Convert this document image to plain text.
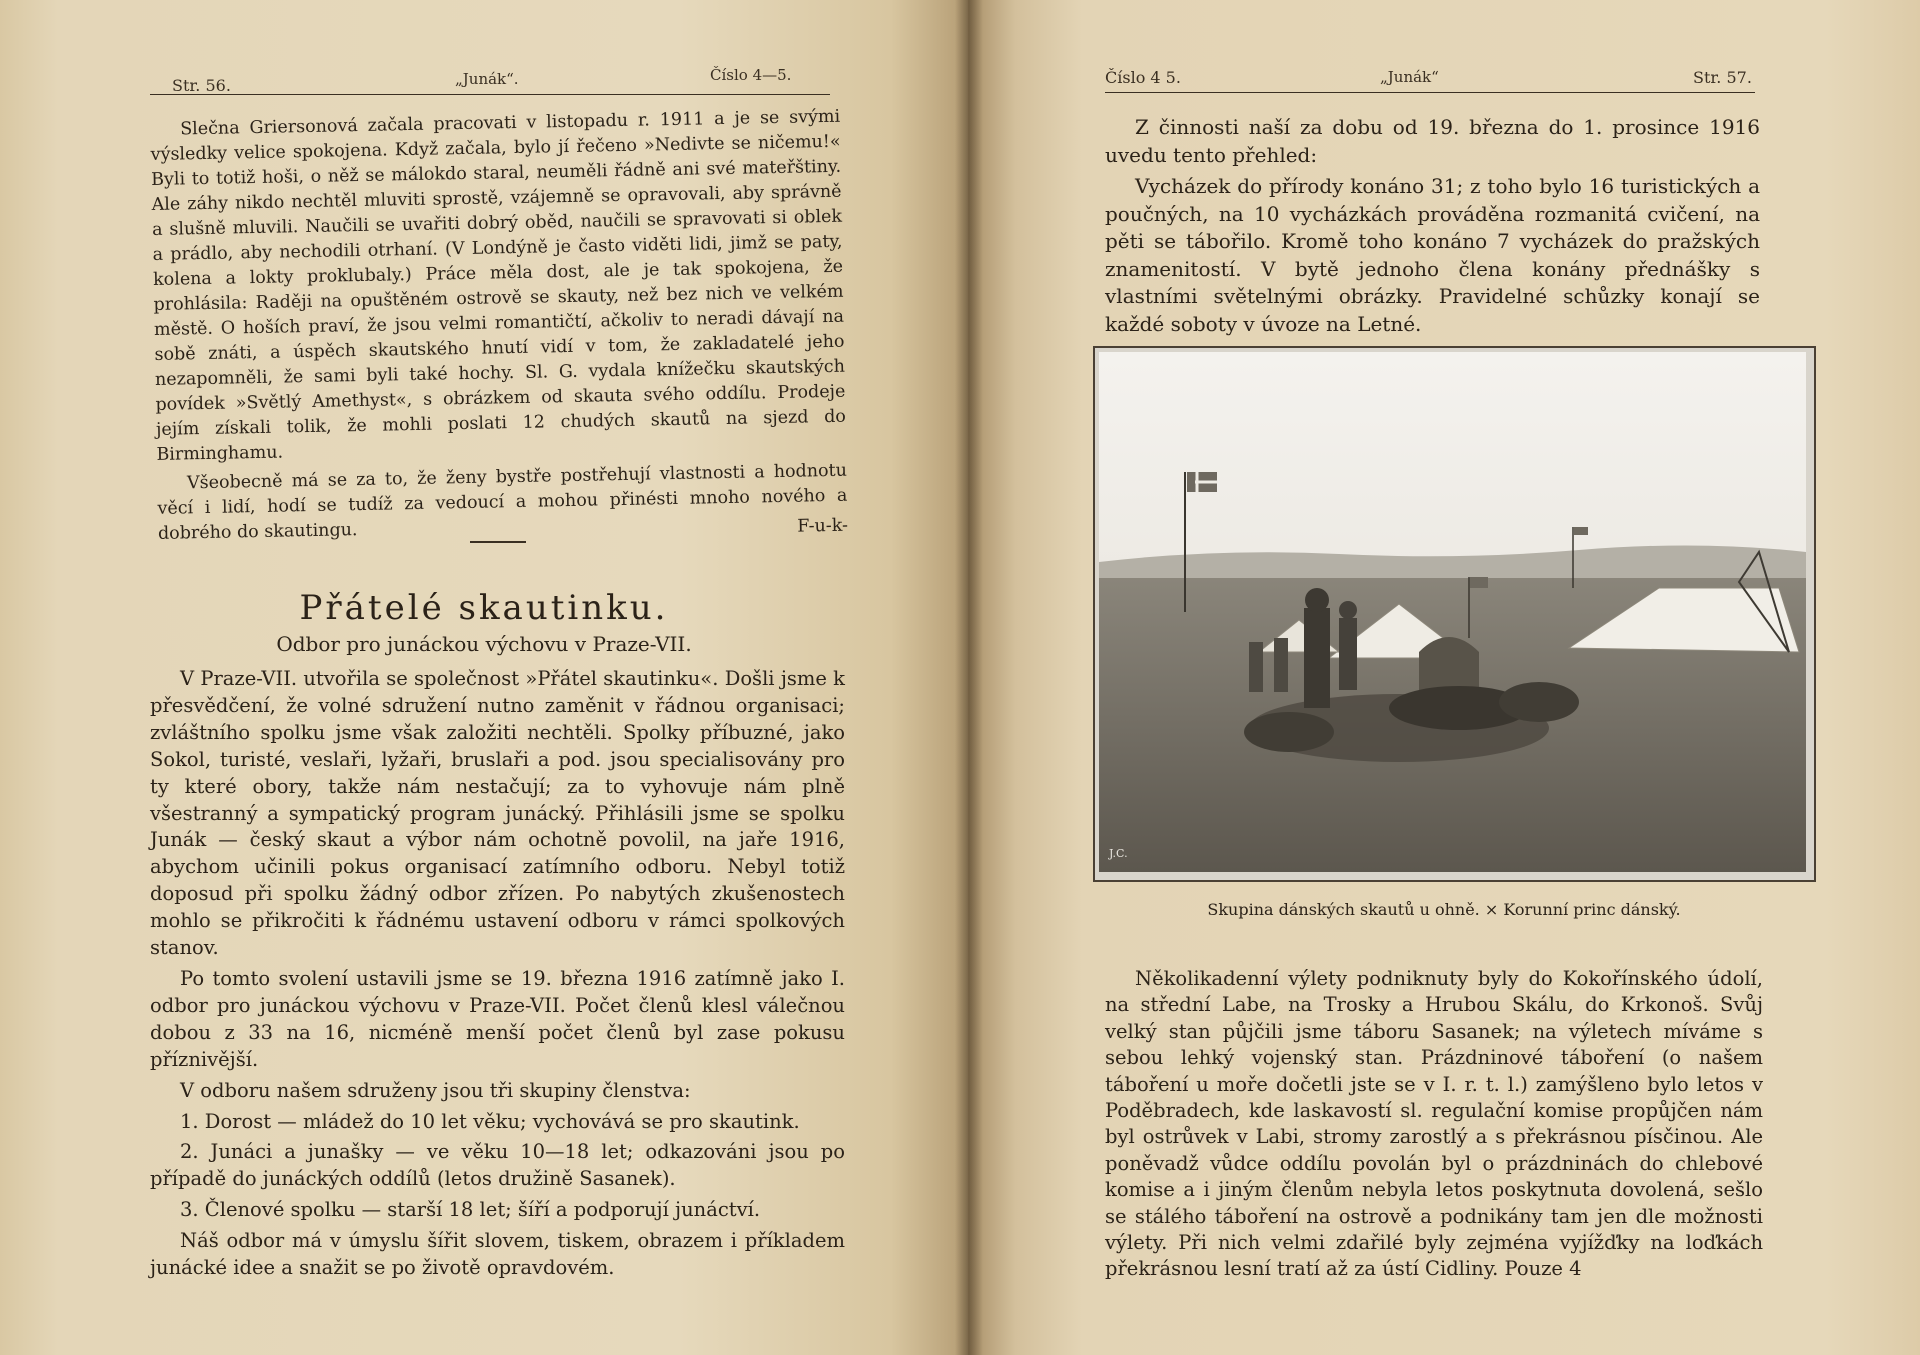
Str. 56.	„Junák“.	Číslo 4—5.

Slečna Griersonová začala pracovati v listopadu r. 1911 a je se svými výsledky velice spokojena. Když začala, bylo jí řečeno »Nedivte se ničemu!« Byli to totiž hoši, o něž se málokdo staral, neuměli řádně ani své mateřštiny. Ale záhy nikdo nechtěl mluviti sprostě, vzájemně se opravovali, aby správně a slušně mluvili. Naučili se uvařiti dobrý oběd, naučili se spravovati si oblek a prádlo, aby nechodili otrhaní. (V Londýně je často viděti lidi, jimž se paty, kolena a lokty proklubaly.) Práce měla dost, ale je tak spokojena, že prohlásila: Raději na opuštěném ostrově se skauty, než bez nich ve velkém městě. O hoších praví, že jsou velmi romantičtí, ačkoliv to neradi dávají na sobě znáti, a úspěch skautského hnutí vidí v tom, že zakladatelé jeho nezapomněli, že sami byli také hochy. Sl. G. vydala knížečku skautských povídek »Světlý Amethyst«, s obrázkem od skauta svého oddílu. Prodeje jejím získali tolik, že mohli poslati 12 chudých skautů na sjezd do Birminghamu.

Všeobecně má se za to, že ženy bystře postřehují vlastnosti a hodnotu věcí i lidí, hodí se tudíž za vedoucí a mohou přinésti mnoho nového a dobrého do skautingu.	F-u-k-

Přátelé skautinku.
Odbor pro junáckou výchovu v Praze-VII.

V Praze-VII. utvořila se společnost »Přátel skautinku«. Došli jsme k přesvědčení, že volné sdružení nutno zaměnit v řádnou organisaci; zvláštního spolku jsme však založiti nechtěli. Spolky příbuzné, jako Sokol, turisté, veslaři, lyžaři, bruslaři a pod. jsou specialisovány pro ty které obory, takže nám nestačují; za to vyhovuje nám plně všestranný a sympatický program junácký. Přihlásili jsme se spolku Junák — český skaut a výbor nám ochotně povolil, na jaře 1916, abychom učinili pokus organisací zatímního odboru. Nebyl totiž doposud při spolku žádný odbor zřízen. Po nabytých zkušenostech mohlo se přikročiti k řádnému ustavení odboru v rámci spolkových stanov.

Po tomto svolení ustavili jsme se 19. března 1916 zatímně jako I. odbor pro junáckou výchovu v Praze-VII. Počet členů klesl válečnou dobou z 33 na 16, nicméně menší počet členů byl zase pokusu příznivější.

V odboru našem sdruženy jsou tři skupiny členstva:

1. Dorost — mládež do 10 let věku; vychovává se pro skautink.

2. Junáci a junašky — ve věku 10—18 let; odkazováni jsou po případě do junáckých oddílů (letos družině Sasanek).

3. Členové spolku — starší 18 let; šíří a podporují junáctví.

Náš odbor má v úmyslu šířit slovem, tiskem, obrazem i příkladem junácké idee a snažit se po životě opravdovém.

Číslo 4 5.	„Junák“	Str. 57.

Z činnosti naší za dobu od 19. března do 1. prosince 1916 uvedu tento přehled:

Vycházek do přírody konáno 31; z toho bylo 16 turistických a poučných, na 10 vycházkách prováděna rozmanitá cvičení, na pěti se tábořilo. Kromě toho konáno 7 vycházek do pražských znamenitostí. V bytě jednoho člena konány přednášky s vlastními světelnými obrázky. Pravidelné schůzky konají se každé soboty v úvoze na Letné.

Několikadenní výlety podniknuty byly do Kokořínského údolí, na střední Labe, na Trosky a Hrubou Skálu, do Krkonoš. Svůj velký stan půjčili jsme táboru Sasanek; na výletech míváme s sebou lehký vojenský stan. Prázdninové táboření (o našem táboření u moře dočetli jste se v I. r. t. l.) zamýšleno bylo letos v Poděbradech, kde laskavostí sl. regulační komise propůjčen nám byl ostrůvek v Labi, stromy zarostlý a s překrásnou písčinou. Ale poněvadž vůdce oddílu povolán byl o prázdninách do chlebové komise a i jiným členům nebyla letos poskytnuta dovolená, sešlo se stálého táboření na ostrově a podnikány tam jen dle možnosti výlety. Při nich velmi zdařilé byly zejména vyjížďky na loďkách překrásnou lesní tratí až za ústí Cidliny. Pouze 4

J.C.
Skupina dánských skautů u ohně. × Korunní princ dánský.
